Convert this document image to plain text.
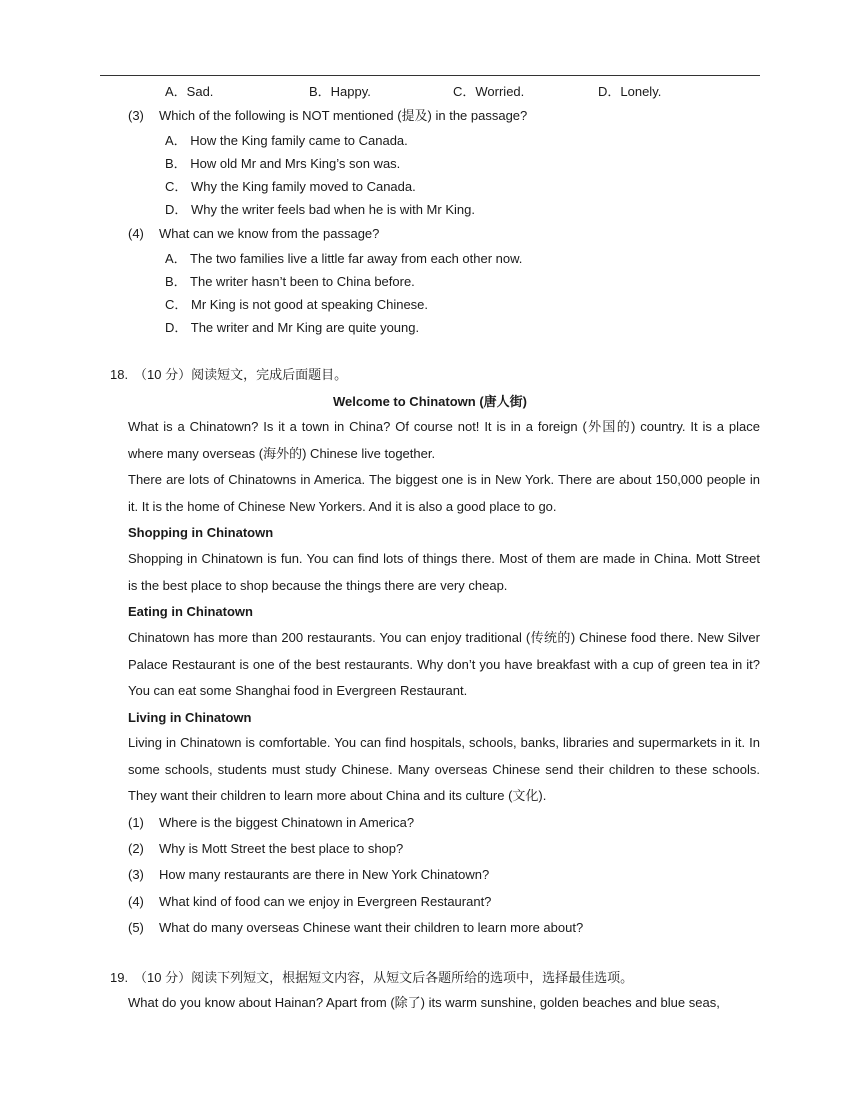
A．Sad.	B．Happy.	C．Worried.	D．Lonely.
(3) Which of the following is NOT mentioned (提及) in the passage?
A． How the King family came to Canada.
B． How old Mr and Mrs King’s son was.
C． Why the King family moved to Canada.
D． Why the writer feels bad when he is with Mr King.
(4) What can we know from the passage?
A． The two families live a little far away from each other now.
B． The writer hasn’t been to China before.
C． Mr King is not good at speaking Chinese.
D． The writer and Mr King are quite young.
18. （10 分）阅读短文，完成后面题目。
Welcome to Chinatown (唐人街)
What is a Chinatown? Is it a town in China? Of course not! It is in a foreign (外国的) country. It is a place where many overseas (海外的) Chinese live together.
There are lots of Chinatowns in America. The biggest one is in New York. There are about 150,000 people in it. It is the home of Chinese New Yorkers. And it is also a good place to go.
Shopping in Chinatown
Shopping in Chinatown is fun. You can find lots of things there. Most of them are made in China. Mott Street is the best place to shop because the things there are very cheap.
Eating in Chinatown
Chinatown has more than 200 restaurants. You can enjoy traditional (传统的) Chinese food there. New Silver Palace Restaurant is one of the best restaurants. Why don’t you have breakfast with a cup of green tea in it? You can eat some Shanghai food in Evergreen Restaurant.
Living in Chinatown
Living in Chinatown is comfortable. You can find hospitals, schools, banks, libraries and supermarkets in it. In some schools, students must study Chinese. Many overseas Chinese send their children to these schools. They want their children to learn more about China and its culture (文化).
(1) Where is the biggest Chinatown in America?
(2) Why is Mott Street the best place to shop?
(3) How many restaurants are there in New York Chinatown?
(4) What kind of food can we enjoy in Evergreen Restaurant?
(5) What do many overseas Chinese want their children to learn more about?
19. （10 分）阅读下列短文，根据短文内容，从短文后各题所给的选项中，选择最佳选项。
What do you know about Hainan? Apart from (除了) its warm sunshine, golden beaches and blue seas,
